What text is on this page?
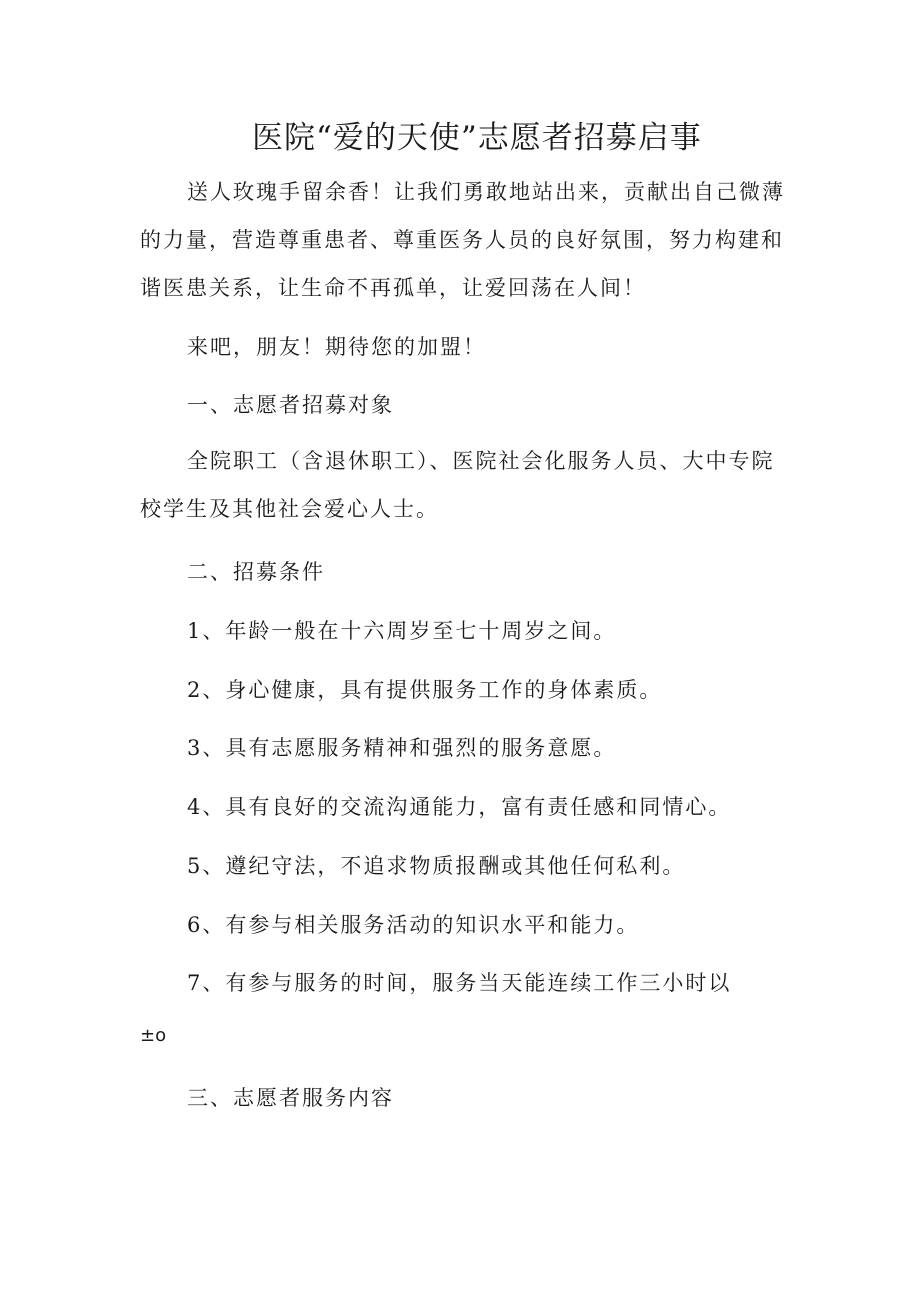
医院“爱的天使”志愿者招募启事

送人玫瑰手留余香！让我们勇敢地站出来，贡献出自己微薄的力量，营造尊重患者、尊重医务人员的良好氛围，努力构建和谐医患关系，让生命不再孤单，让爱回荡在人间！

来吧，朋友！期待您的加盟！
一、志愿者招募对象

全院职工（含退休职工）、医院社会化服务人员、大中专院校学生及其他社会爱心人士。

二、招募条件
1、年龄一般在十六周岁至七十周岁之间。
2、身心健康，具有提供服务工作的身体素质。
3、具有志愿服务精神和强烈的服务意愿。
4、具有良好的交流沟通能力，富有责任感和同情心。
5、遵纪守法，不追求物质报酬或其他任何私利。
6、有参与相关服务活动的知识水平和能力。
7、有参与服务的时间，服务当天能连续工作三小时以
±o
三、志愿者服务内容
